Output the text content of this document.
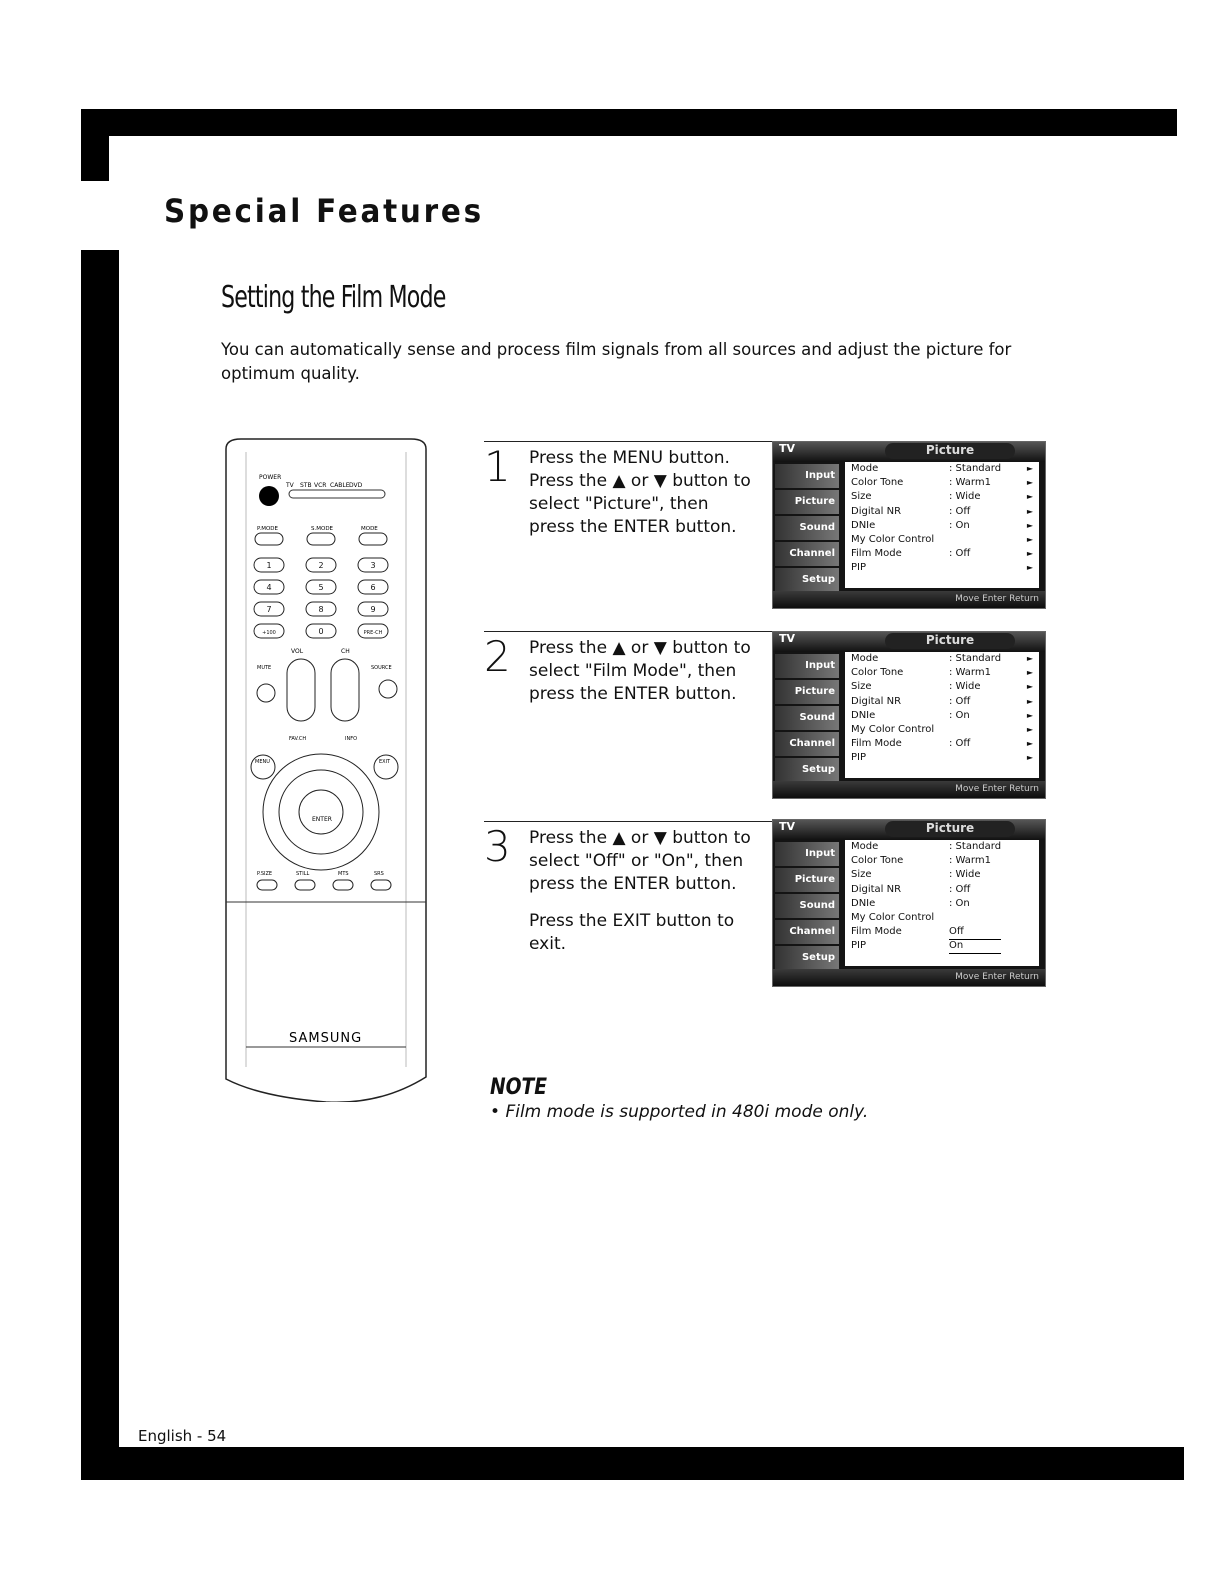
Special Features
Setting the Film Mode
You can automatically sense and process film signals from all sources and adjust the picture for optimum quality.
POWER
TV STB VCR CABLE DVD
P.MODE	S.MODE	MODE
1	2	3
4	5	6
7	8	9
+100	0	PRE-CH
VOL	CH
MUTE	SOURCE
FAV.CH	INFO
MENU	EXIT
ENTER
P.SIZE	STILL	MTS	SRS
SAMSUNG
1 Press the MENU button. Press the ▲ or ▼ button to select "Picture", then press the ENTER button.

2 Press the ▲ or ▼ button to select "Film Mode", then press the ENTER button.

3 Press the ▲ or ▼ button to select "Off" or "On", then press the ENTER button.

Press the EXIT button to exit.

TV	Picture
Input
Picture
Sound
Channel
Setup
Mode	: Standard	►
Color Tone	: Warm1	►
Size	: Wide	►
Digital NR	: Off	►
DNIe	: On	►
My Color Control	►
Film Mode	: Off	►
PIP	►
Move Enter Return
TV	Picture
Input
Picture
Sound
Channel
Setup
Mode	: Standard	►
Color Tone	: Warm1	►
Size	: Wide	►
Digital NR	: Off	►
DNIe	: On	►
My Color Control	►
Film Mode	: Off	►
PIP	►
Move Enter Return
TV	Picture
Input
Picture
Sound
Channel
Setup
Mode	: Standard
Color Tone	: Warm1
Size	: Wide
Digital NR	: Off
DNIe	: On
My Color Control
Film Mode	Off
PIP	On
Move Enter Return
NOTE
• Film mode is supported in 480i mode only.
English - 54
